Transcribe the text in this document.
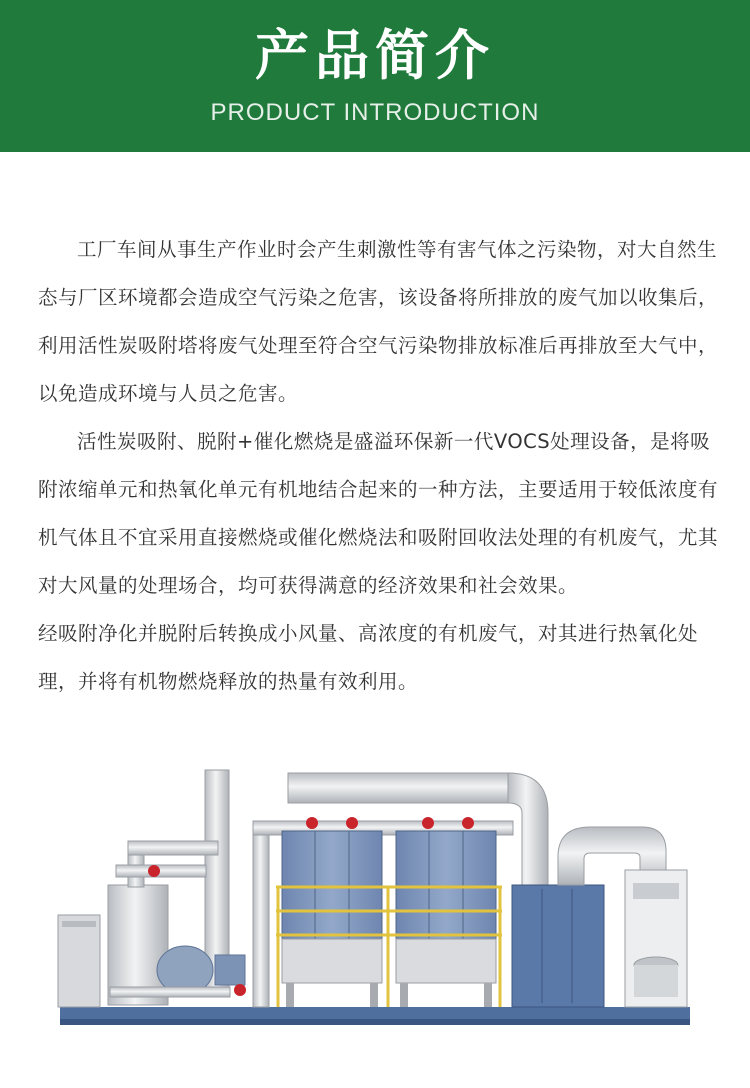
产品简介
PRODUCT INTRODUCTION

工厂车间从事生产作业时会产生刺激性等有害气体之污染物，对大自然生态与厂区环境都会造成空气污染之危害，该设备将所排放的废气加以收集后，利用活性炭吸附塔将废气处理至符合空气污染物排放标准后再排放至大气中，以免造成环境与人员之危害。

活性炭吸附、脱附+催化燃烧是盛溢环保新一代VOCS处理设备，是将吸附浓缩单元和热氧化单元有机地结合起来的一种方法，主要适用于较低浓度有机气体且不宜采用直接燃烧或催化燃烧法和吸附回收法处理的有机废气，尤其对大风量的处理场合，均可获得满意的经济效果和社会效果。

经吸附净化并脱附后转换成小风量、高浓度的有机废气，对其进行热氧化处理，并将有机物燃烧释放的热量有效利用。
